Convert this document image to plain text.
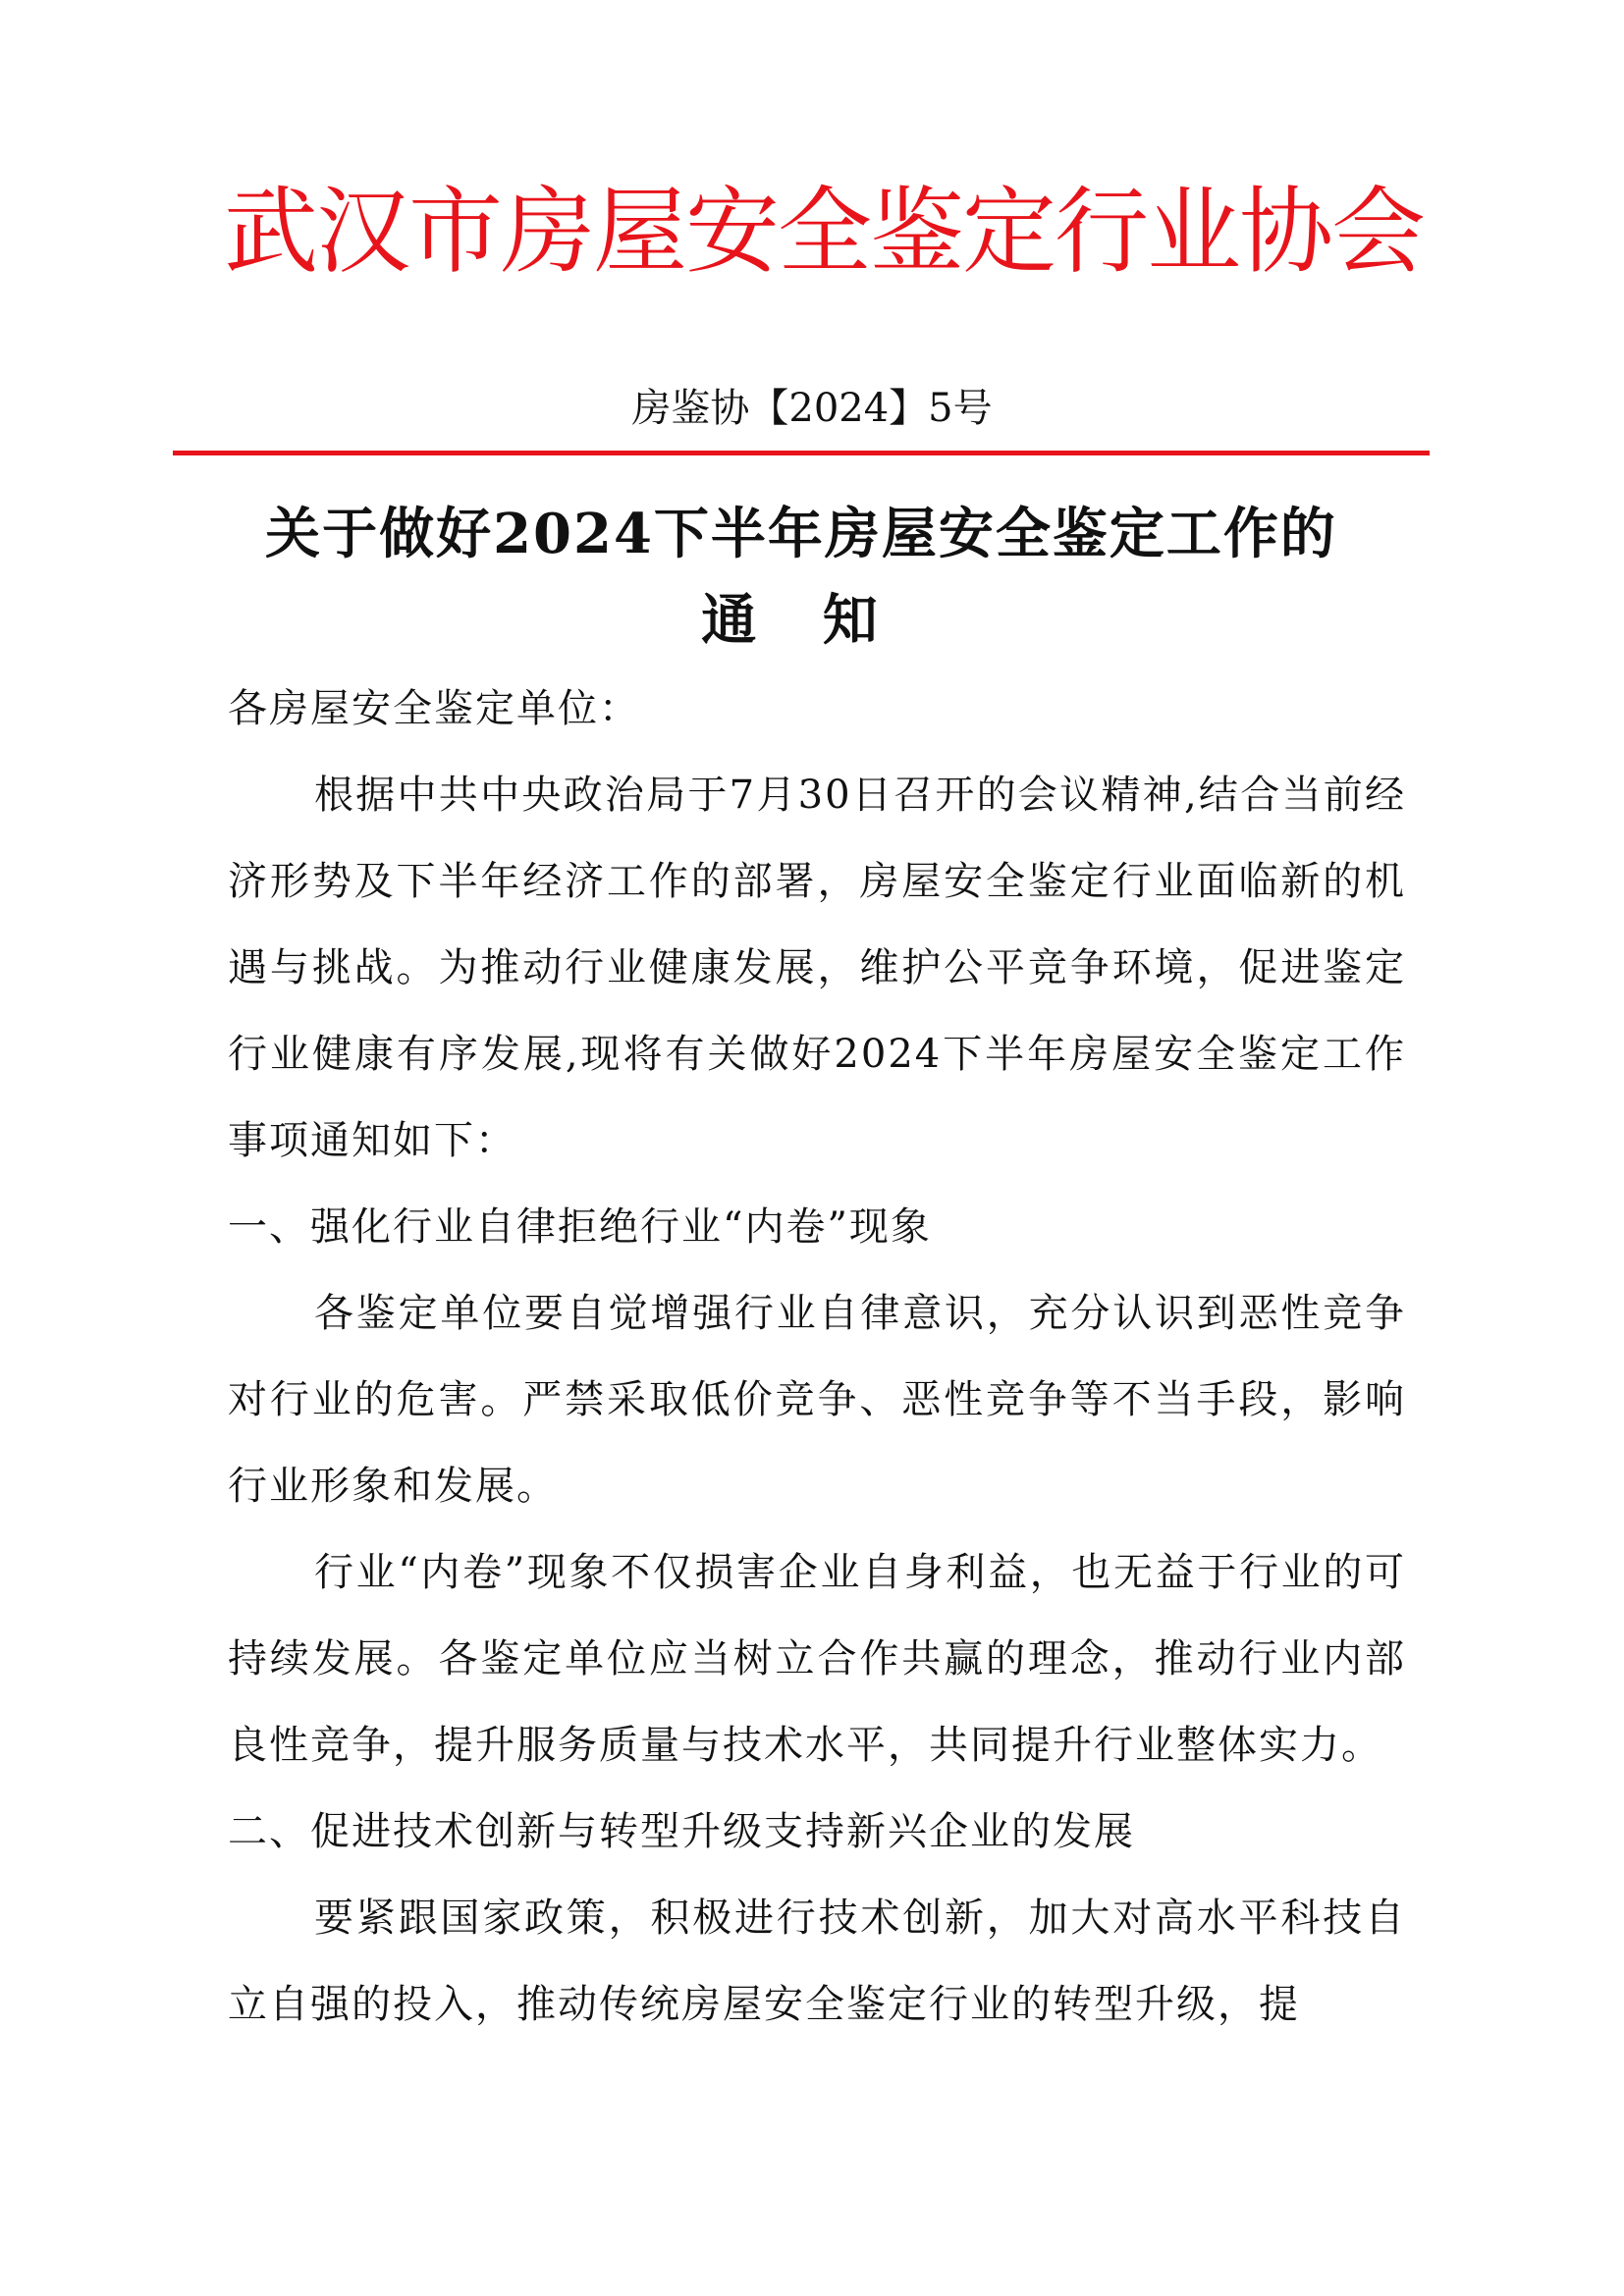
武汉市房屋安全鉴定行业协会
房鉴协【2024】5号
关于做好2024下半年房屋安全鉴定工作的
通 知

各房屋安全鉴定单位：

根据中共中央政治局于7月30日召开的会议精神,结合当前经济形势及下半年经济工作的部署，房屋安全鉴定行业面临新的机遇与挑战。为推动行业健康发展，维护公平竞争环境，促进鉴定行业健康有序发展,现将有关做好2024下半年房屋安全鉴定工作事项通知如下：

一、强化行业自律拒绝行业“内卷”现象

各鉴定单位要自觉增强行业自律意识，充分认识到恶性竞争对行业的危害。严禁采取低价竞争、恶性竞争等不当手段，影响行业形象和发展。

行业“内卷”现象不仅损害企业自身利益，也无益于行业的可持续发展。各鉴定单位应当树立合作共赢的理念，推动行业内部良性竞争，提升服务质量与技术水平，共同提升行业整体实力。

二、促进技术创新与转型升级支持新兴企业的发展

要紧跟国家政策，积极进行技术创新，加大对高水平科技自立自强的投入，推动传统房屋安全鉴定行业的转型升级，提
